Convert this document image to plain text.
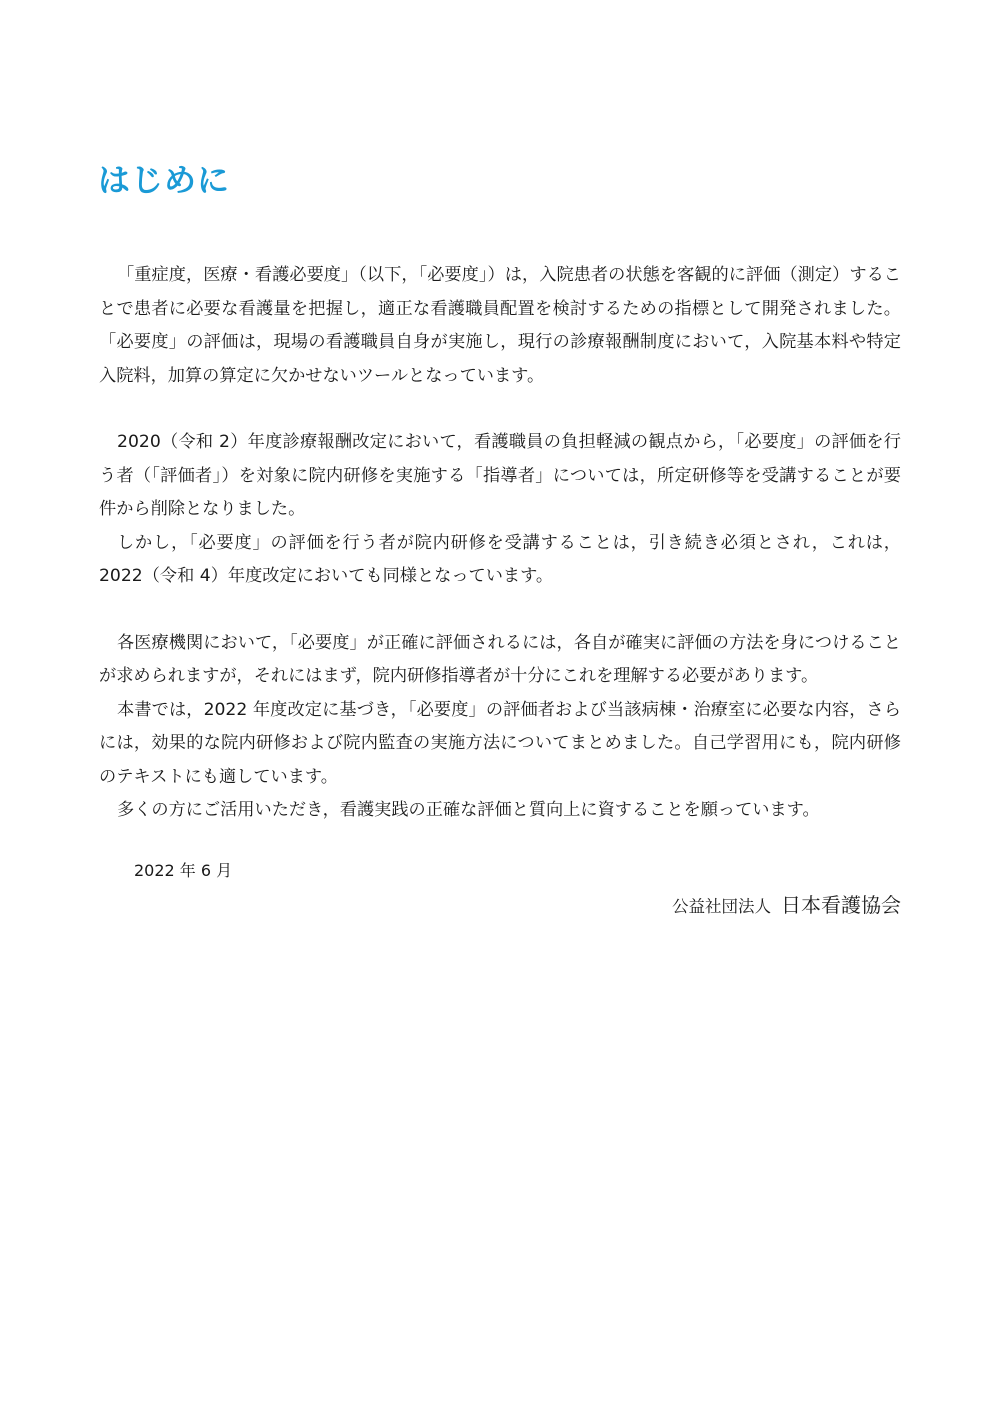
はじめに

「重症度，医療・看護必要度」（以下，「必要度」）は，入院患者の状態を客観的に評価（測定）することで患者に必要な看護量を把握し，適正な看護職員配置を検討するための指標として開発されました。「必要度」の評価は，現場の看護職員自身が実施し，現行の診療報酬制度において，入院基本料や特定入院料，加算の算定に欠かせないツールとなっています。

2020（令和 2）年度診療報酬改定において，看護職員の負担軽減の観点から，「必要度」の評価を行う者（「評価者」）を対象に院内研修を実施する「指導者」については，所定研修等を受講することが要件から削除となりました。

しかし，「必要度」の評価を行う者が院内研修を受講することは，引き続き必須とされ，これは，2022（令和 4）年度改定においても同様となっています。

各医療機関において，「必要度」が正確に評価されるには，各自が確実に評価の方法を身につけることが求められますが，それにはまず，院内研修指導者が十分にこれを理解する必要があります。

本書では，2022 年度改定に基づき，「必要度」の評価者および当該病棟・治療室に必要な内容，さらには，効果的な院内研修および院内監査の実施方法についてまとめました。自己学習用にも，院内研修のテキストにも適しています。

多くの方にご活用いただき，看護実践の正確な評価と質向上に資することを願っています。

2022 年 6 月

公益社団法人 日本看護協会
